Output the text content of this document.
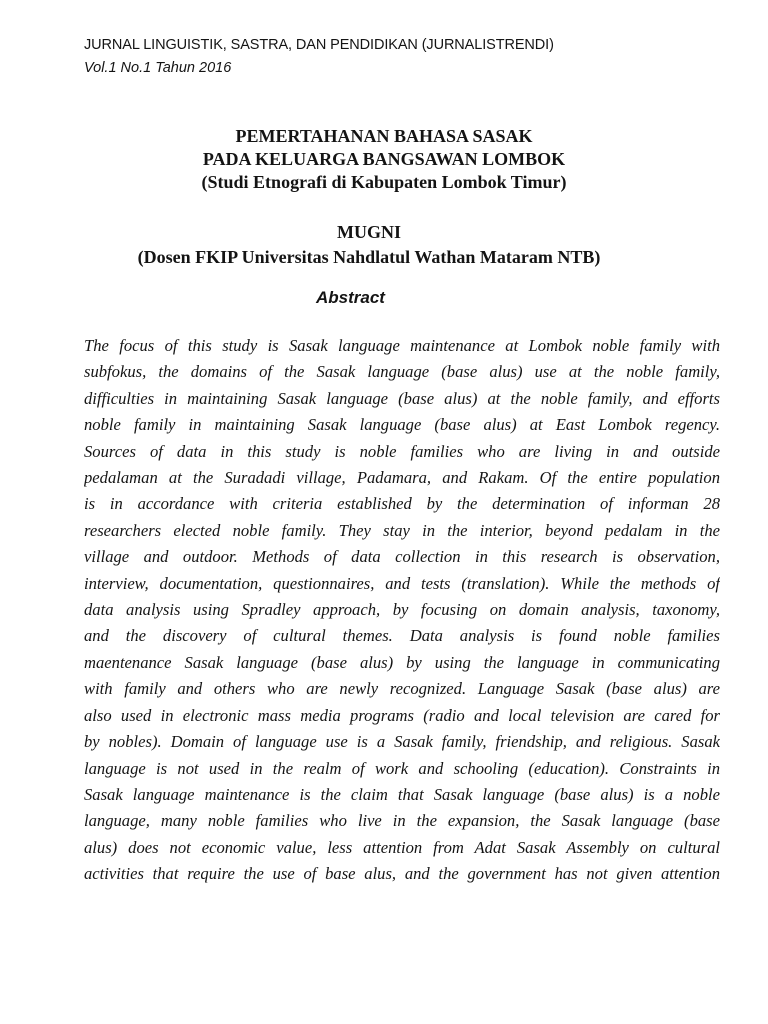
JURNAL LINGUISTIK, SASTRA, DAN PENDIDIKAN (JURNALISTRENDI)
Vol.1 No.1 Tahun 2016
PEMERTAHANAN BAHASA SASAK
PADA KELUARGA BANGSAWAN LOMBOK
(Studi Etnografi di Kabupaten Lombok Timur)
MUGNI
(Dosen FKIP Universitas Nahdlatul Wathan Mataram NTB)
Abstract
The focus of this study is Sasak language maintenance at Lombok noble family with
subfokus, the domains of the Sasak language (base alus) use at the noble family,
difficulties in maintaining Sasak language (base alus) at the noble family, and efforts
noble family in maintaining Sasak language (base alus) at East Lombok regency.
Sources of data in this study is noble families who are living in and outside
pedalaman at the Suradadi village, Padamara, and Rakam. Of the entire population
is in accordance with criteria established by the determination of informan 28
researchers elected noble family. They stay in the interior, beyond pedalam in the
village and outdoor. Methods of data collection in this research is observation,
interview, documentation, questionnaires, and tests (translation). While the methods of
data analysis using Spradley approach, by focusing on domain analysis, taxonomy,
and the discovery of cultural themes. Data analysis is found noble families
maentenance Sasak language (base alus) by using the language in communicating
with family and others who are newly recognized. Language Sasak (base alus) are
also used in electronic mass media programs (radio and local television are cared for
by nobles). Domain of language use is a Sasak family, friendship, and religious. Sasak
language is not used in the realm of work and schooling (education). Constraints in
Sasak language maintenance is the claim that Sasak language (base alus) is a noble
language, many noble families who live in the expansion, the Sasak language (base
alus) does not economic value, less attention from Adat Sasak Assembly on cultural
activities that require the use of base alus, and the government has not given attention
